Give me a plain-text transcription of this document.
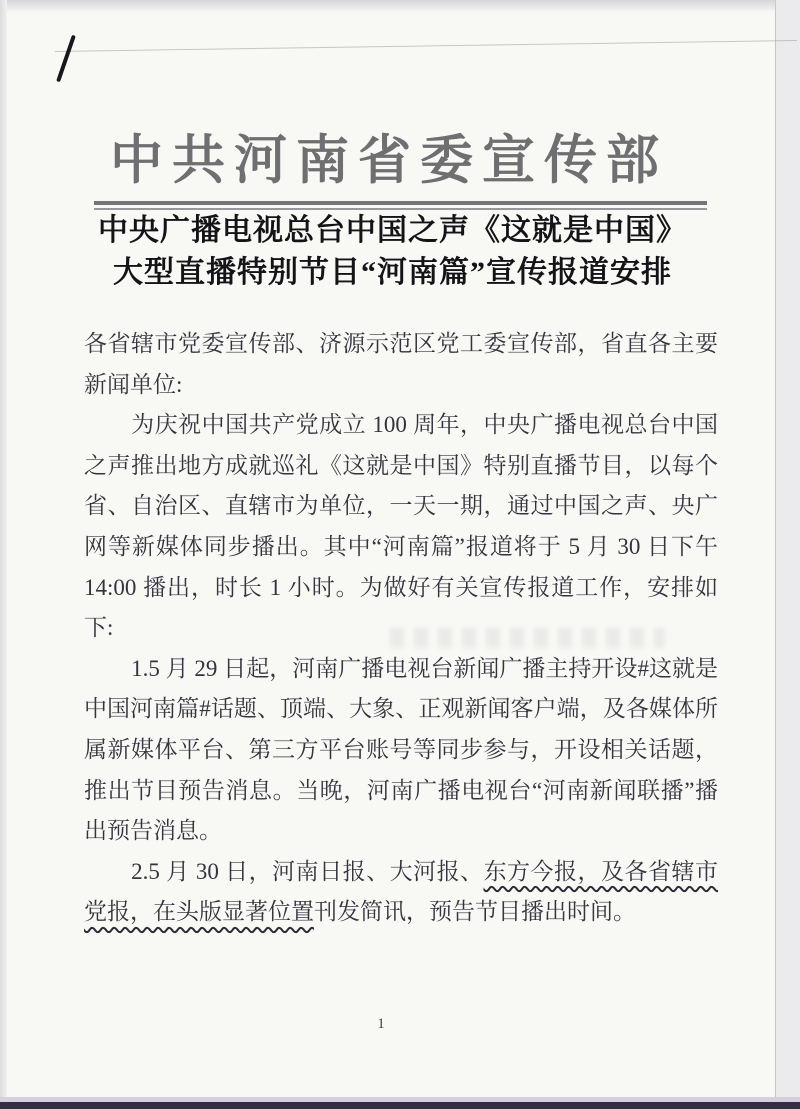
中共河南省委宣传部
中央广播电视总台中国之声《这就是中国》
大型直播特别节目“河南篇”宣传报道安排

各省辖市党委宣传部、济源示范区党工委宣传部，省直各主要新闻单位:

为庆祝中国共产党成立 100 周年，中央广播电视总台中国之声推出地方成就巡礼《这就是中国》特别直播节目，以每个省、自治区、直辖市为单位，一天一期，通过中国之声、央广网等新媒体同步播出。其中“河南篇”报道将于 5 月 30 日下午 14:00 播出，时长 1 小时。为做好有关宣传报道工作，安排如下:

1.5 月 29 日起，河南广播电视台新闻广播主持开设#这就是中国河南篇#话题、顶端、大象、正观新闻客户端，及各媒体所属新媒体平台、第三方平台账号等同步参与，开设相关话题，推出节目预告消息。当晚，河南广播电视台“河南新闻联播”播出预告消息。

2.5 月 30 日，河南日报、大河报、东方今报，及各省辖市党报，在头版显著位置刊发简讯，预告节目播出时间。

1
